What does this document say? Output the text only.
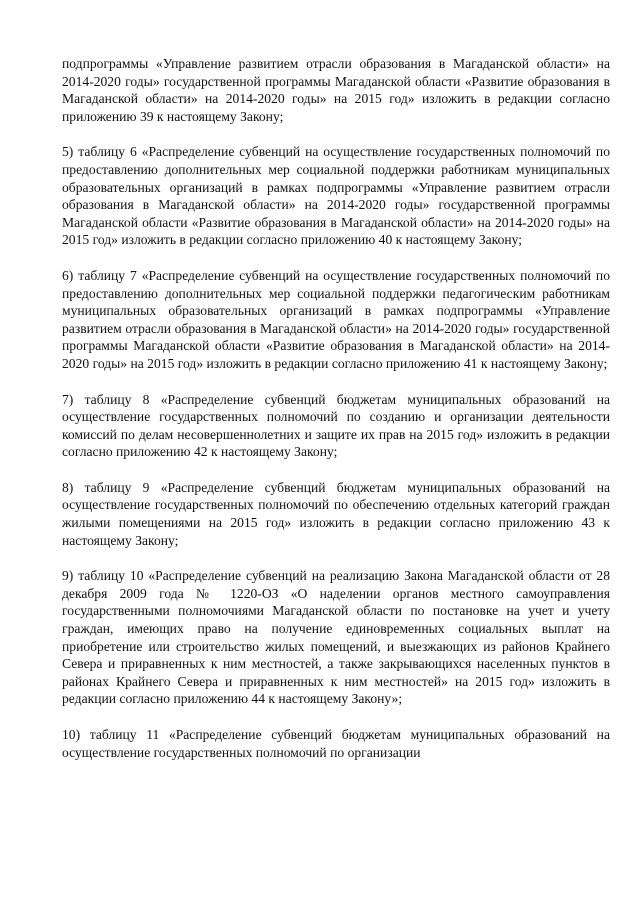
подпрограммы «Управление развитием отрасли образования в Магаданской области» на 2014-2020 годы» государственной программы Магаданской области «Развитие образования в Магаданской области» на 2014-2020 годы» на 2015 год» изложить в редакции согласно приложению 39 к настоящему Закону;

5) таблицу 6 «Распределение субвенций на осуществление государственных полномочий по предоставлению дополнительных мер социальной поддержки работникам муниципальных образовательных организаций в рамках подпрограммы «Управление развитием отрасли образования в Магаданской области» на 2014-2020 годы» государственной программы Магаданской области «Развитие образования в Магаданской области» на 2014-2020 годы» на 2015 год» изложить в редакции согласно приложению 40 к настоящему Закону;

6) таблицу 7 «Распределение субвенций на осуществление государственных полномочий по предоставлению дополнительных мер социальной поддержки педагогическим работникам муниципальных образовательных организаций в рамках подпрограммы «Управление развитием отрасли образования в Магаданской области» на 2014-2020 годы» государственной программы Магаданской области «Развитие образования в Магаданской области» на 2014-2020 годы» на 2015 год» изложить в редакции согласно приложению 41 к настоящему Закону;

7) таблицу 8 «Распределение субвенций бюджетам муниципальных образований на осуществление государственных полномочий по созданию и организации деятельности комиссий по делам несовершеннолетних и защите их прав на 2015 год» изложить в редакции согласно приложению 42 к настоящему Закону;

8) таблицу 9 «Распределение субвенций бюджетам муниципальных образований на осуществление государственных полномочий по обеспечению отдельных категорий граждан жилыми помещениями на 2015 год» изложить в редакции согласно приложению 43 к настоящему Закону;

9) таблицу 10 «Распределение субвенций на реализацию Закона Магаданской области от 28 декабря 2009 года № 1220-ОЗ «О наделении органов местного самоуправления государственными полномочиями Магаданской области по постановке на учет и учету граждан, имеющих право на получение единовременных социальных выплат на приобретение или строительство жилых помещений, и выезжающих из районов Крайнего Севера и приравненных к ним местностей, а также закрывающихся населенных пунктов в районах Крайнего Севера и приравненных к ним местностей» на 2015 год» изложить в редакции согласно приложению 44 к настоящему Закону»;

10) таблицу 11 «Распределение субвенций бюджетам муниципальных образований на осуществление государственных полномочий по организации
